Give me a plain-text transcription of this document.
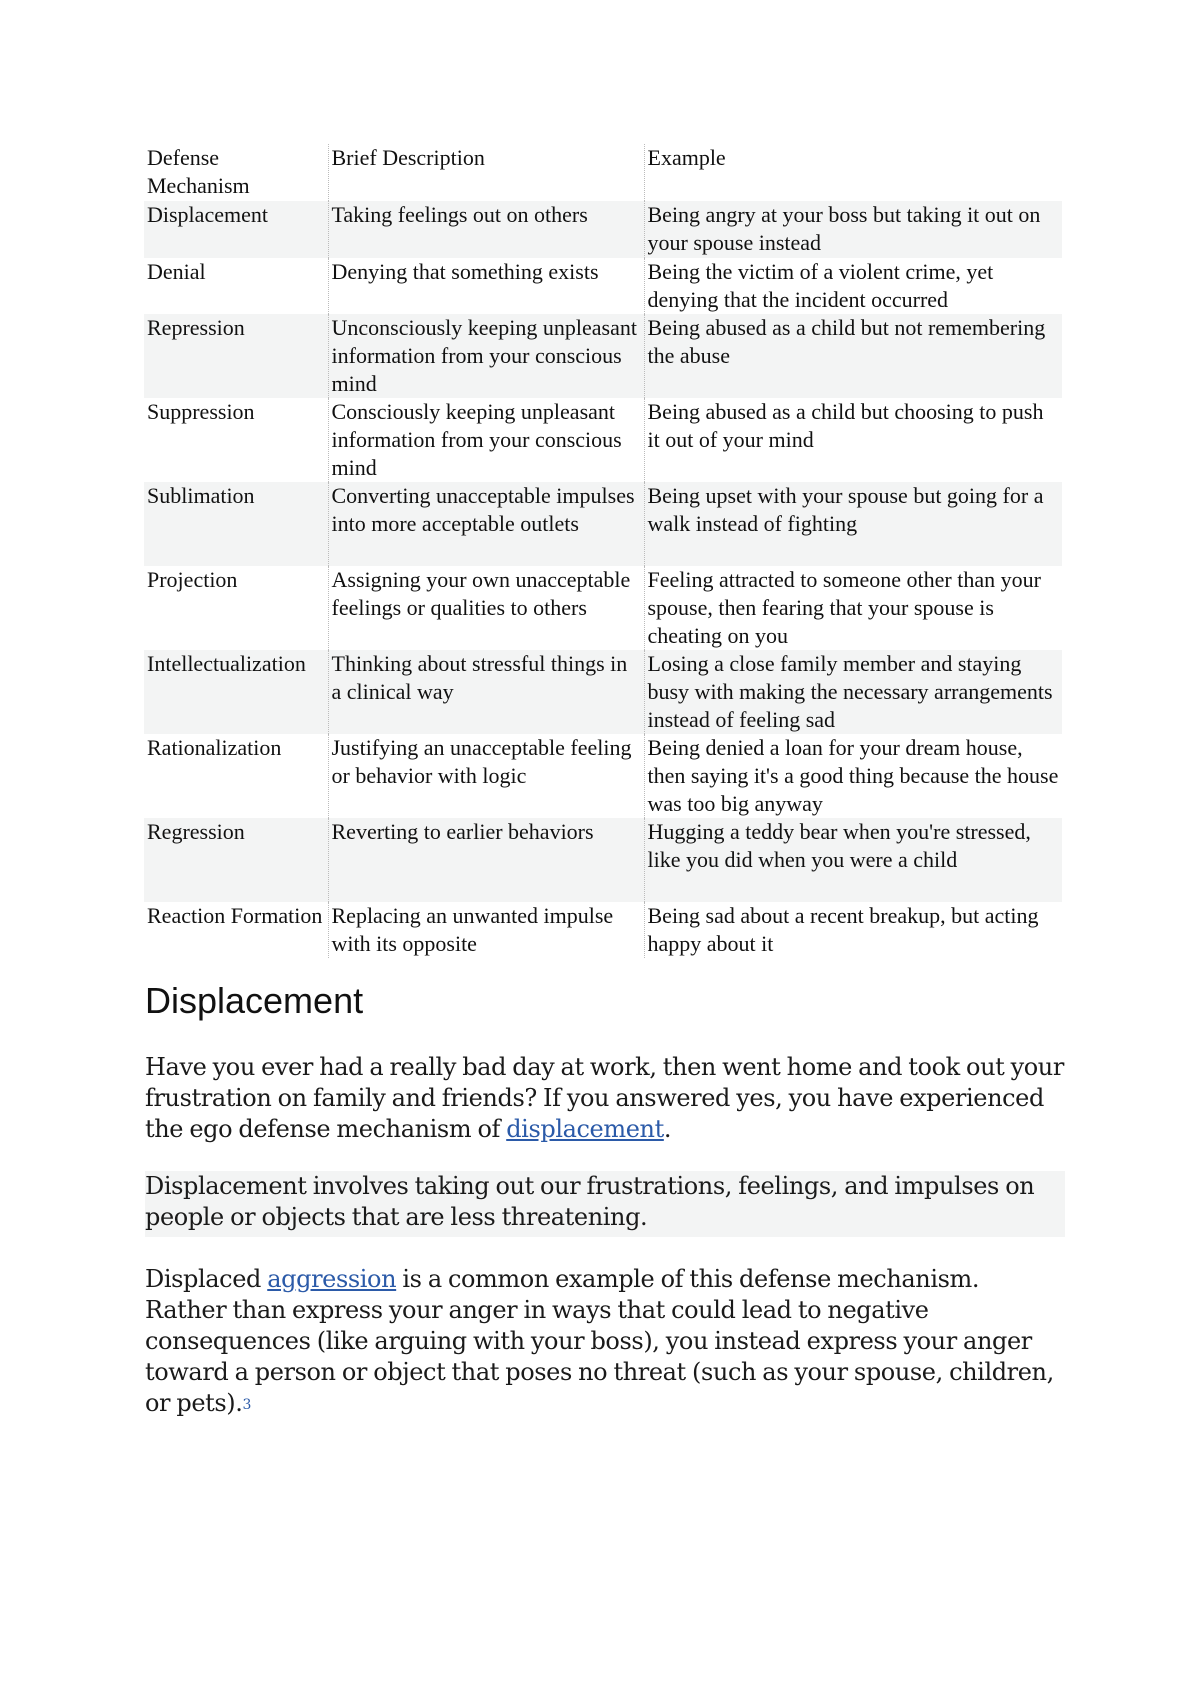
Defense Mechanism	Brief Description	Example
Displacement	Taking feelings out on others	Being angry at your boss but taking it out on your spouse instead
Denial	Denying that something exists	Being the victim of a violent crime, yet denying that the incident occurred
Repression	Unconsciously keeping unpleasant information from your conscious mind	Being abused as a child but not remembering the abuse
Suppression	Consciously keeping unpleasant information from your conscious mind	Being abused as a child but choosing to push it out of your mind
Sublimation	Converting unacceptable impulses into more acceptable outlets	Being upset with your spouse but going for a walk instead of fighting
Projection	Assigning your own unacceptable feelings or qualities to others	Feeling attracted to someone other than your spouse, then fearing that your spouse is cheating on you
Intellectualization	Thinking about stressful things in a clinical way	Losing a close family member and staying busy with making the necessary arrangements instead of feeling sad
Rationalization	Justifying an unacceptable feeling or behavior with logic	Being denied a loan for your dream house, then saying it's a good thing because the house was too big anyway
Regression	Reverting to earlier behaviors	Hugging a teddy bear when you're stressed, like you did when you were a child
Reaction Formation	Replacing an unwanted impulse with its opposite	Being sad about a recent breakup, but acting happy about it
Displacement

Have you ever had a really bad day at work, then went home and took out your frustration on family and friends? If you answered yes, you have experienced the ego defense mechanism of displacement.

Displacement involves taking out our frustrations, feelings, and impulses on people or objects that are less threatening.

Displaced aggression is a common example of this defense mechanism. Rather than express your anger in ways that could lead to negative consequences (like arguing with your boss), you instead express your anger toward a person or object that poses no threat (such as your spouse, children, or pets).$^3$
